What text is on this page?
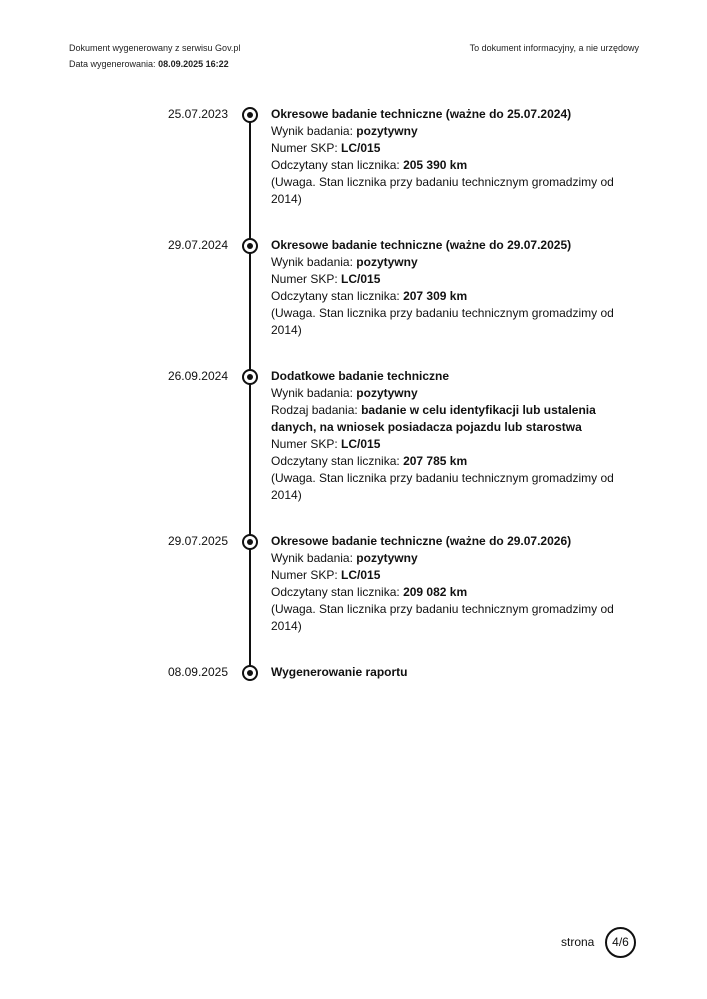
Dokument wygenerowany z serwisu Gov.pl
Data wygenerowania: 08.09.2025 16:22
To dokument informacyjny, a nie urzędowy
25.07.2023	Okresowe badanie techniczne (ważne do 25.07.2024)
Wynik badania: pozytywny
Numer SKP: LC/015
Odczytany stan licznika: 205 390 km
(Uwaga. Stan licznika przy badaniu technicznym gromadzimy od 2014)
29.07.2024	Okresowe badanie techniczne (ważne do 29.07.2025)
Wynik badania: pozytywny
Numer SKP: LC/015
Odczytany stan licznika: 207 309 km
(Uwaga. Stan licznika przy badaniu technicznym gromadzimy od 2014)
26.09.2024	Dodatkowe badanie techniczne
Wynik badania: pozytywny
Rodzaj badania: badanie w celu identyfikacji lub ustalenia danych, na wniosek posiadacza pojazdu lub starostwa
Numer SKP: LC/015
Odczytany stan licznika: 207 785 km
(Uwaga. Stan licznika przy badaniu technicznym gromadzimy od 2014)
29.07.2025	Okresowe badanie techniczne (ważne do 29.07.2026)
Wynik badania: pozytywny
Numer SKP: LC/015
Odczytany stan licznika: 209 082 km
(Uwaga. Stan licznika przy badaniu technicznym gromadzimy od 2014)
08.09.2025	Wygenerowanie raportu
strona	4/6
